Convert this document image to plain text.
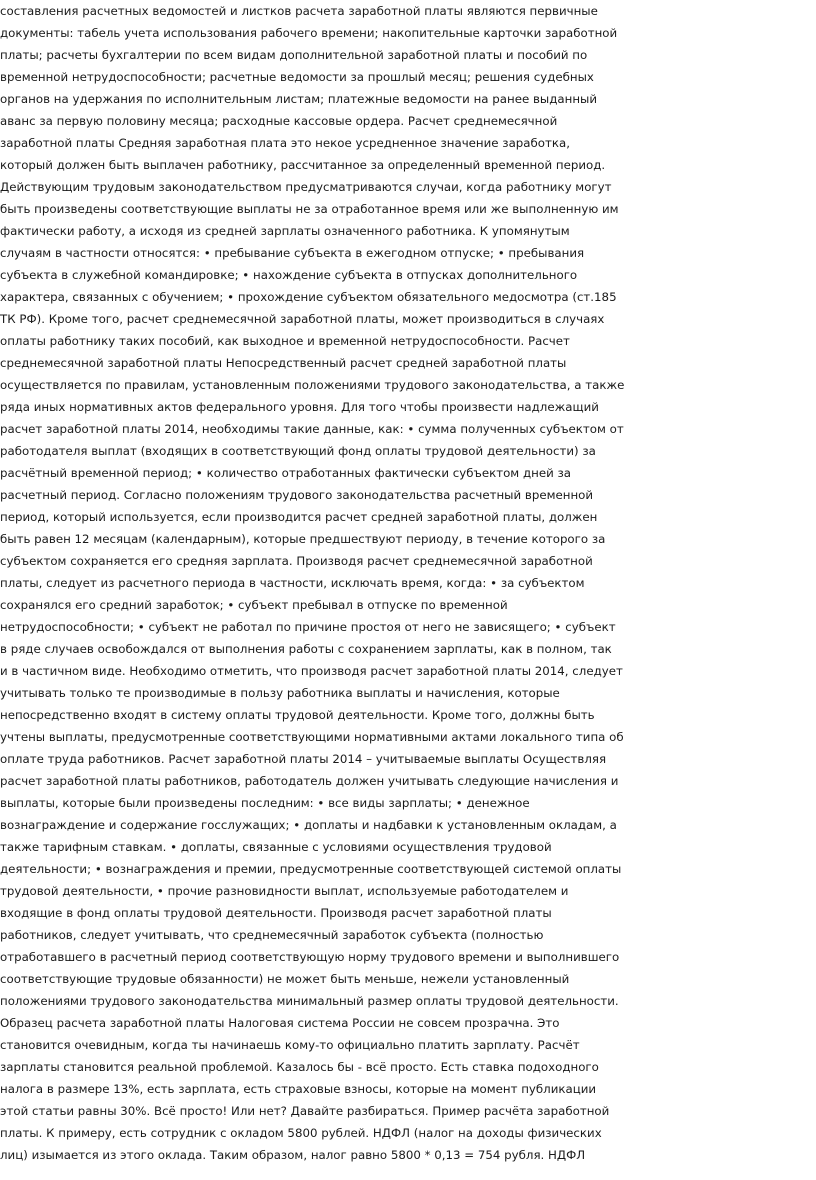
составления расчетных ведомостей и листков расчета заработной платы являются первичные
документы: табель учета использования рабочего времени; накопительные карточки заработной
платы; расчеты бухгалтерии по всем видам дополнительной заработной платы и пособий по
временной нетрудоспособности; расчетные ведомости за прошлый месяц; решения судебных
органов на удержания по исполнительным листам; платежные ведомости на ранее выданный
аванс за первую половину месяца; расходные кассовые ордера. Расчет среднемесячной
заработной платы Средняя заработная плата это некое усредненное значение заработка,
который должен быть выплачен работнику, рассчитанное за определенный временной период.
Действующим трудовым законодательством предусматриваются случаи, когда работнику могут
быть произведены соответствующие выплаты не за отработанное время или же выполненную им
фактически работу, а исходя из средней зарплаты означенного работника. К упомянутым
случаям в частности относятся: • пребывание субъекта в ежегодном отпуске; • пребывания
субъекта в служебной командировке; • нахождение субъекта в отпусках дополнительного
характера, связанных с обучением; • прохождение субъектом обязательного медосмотра (ст.185
ТК РФ). Кроме того, расчет среднемесячной заработной платы, может производиться в случаях
оплаты работнику таких пособий, как выходное и временной нетрудоспособности. Расчет
среднемесячной заработной платы Непосредственный расчет средней заработной платы
осуществляется по правилам, установленным положениями трудового законодательства, а также
ряда иных нормативных актов федерального уровня. Для того чтобы произвести надлежащий
расчет заработной платы 2014, необходимы такие данные, как: • сумма полученных субъектом от
работодателя выплат (входящих в соответствующий фонд оплаты трудовой деятельности) за
расчётный временной период; • количество отработанных фактически субъектом дней за
расчетный период. Согласно положениям трудового законодательства расчетный временной
период, который используется, если производится расчет средней заработной платы, должен
быть равен 12 месяцам (календарным), которые предшествуют периоду, в течение которого за
субъектом сохраняется его средняя зарплата. Производя расчет среднемесячной заработной
платы, следует из расчетного периода в частности, исключать время, когда: • за субъектом
сохранялся его средний заработок; • субъект пребывал в отпуске по временной
нетрудоспособности; • субъект не работал по причине простоя от него не зависящего; • субъект
в ряде случаев освобождался от выполнения работы с сохранением зарплаты, как в полном, так
и в частичном виде. Необходимо отметить, что производя расчет заработной платы 2014, следует
учитывать только те производимые в пользу работника выплаты и начисления, которые
непосредственно входят в систему оплаты трудовой деятельности. Кроме того, должны быть
учтены выплаты, предусмотренные соответствующими нормативными актами локального типа об
оплате труда работников. Расчет заработной платы 2014 – учитываемые выплаты Осуществляя
расчет заработной платы работников, работодатель должен учитывать следующие начисления и
выплаты, которые были произведены последним: • все виды зарплаты; • денежное
вознаграждение и содержание госслужащих; • доплаты и надбавки к установленным окладам, а
также тарифным ставкам. • доплаты, связанные с условиями осуществления трудовой
деятельности; • вознаграждения и премии, предусмотренные соответствующей системой оплаты
трудовой деятельности, • прочие разновидности выплат, используемые работодателем и
входящие в фонд оплаты трудовой деятельности. Производя расчет заработной платы
работников, следует учитывать, что среднемесячный заработок субъекта (полностью
отработавшего в расчетный период соответствующую норму трудового времени и выполнившего
соответствующие трудовые обязанности) не может быть меньше, нежели установленный
положениями трудового законодательства минимальный размер оплаты трудовой деятельности.
Образец расчета заработной платы Налоговая система России не совсем прозрачна. Это
становится очевидным, когда ты начинаешь кому-то официально платить зарплату. Расчёт
зарплаты становится реальной проблемой. Казалось бы - всё просто. Есть ставка подоходного
налога в размере 13%, есть зарплата, есть страховые взносы, которые на момент публикации
этой статьи равны 30%. Всё просто! Или нет? Давайте разбираться. Пример расчёта заработной
платы. К примеру, есть сотрудник с окладом 5800 рублей. НДФЛ (налог на доходы физических
лиц) изымается из этого оклада. Таким образом, налог равно 5800 * 0,13 = 754 рубля. НДФЛ
